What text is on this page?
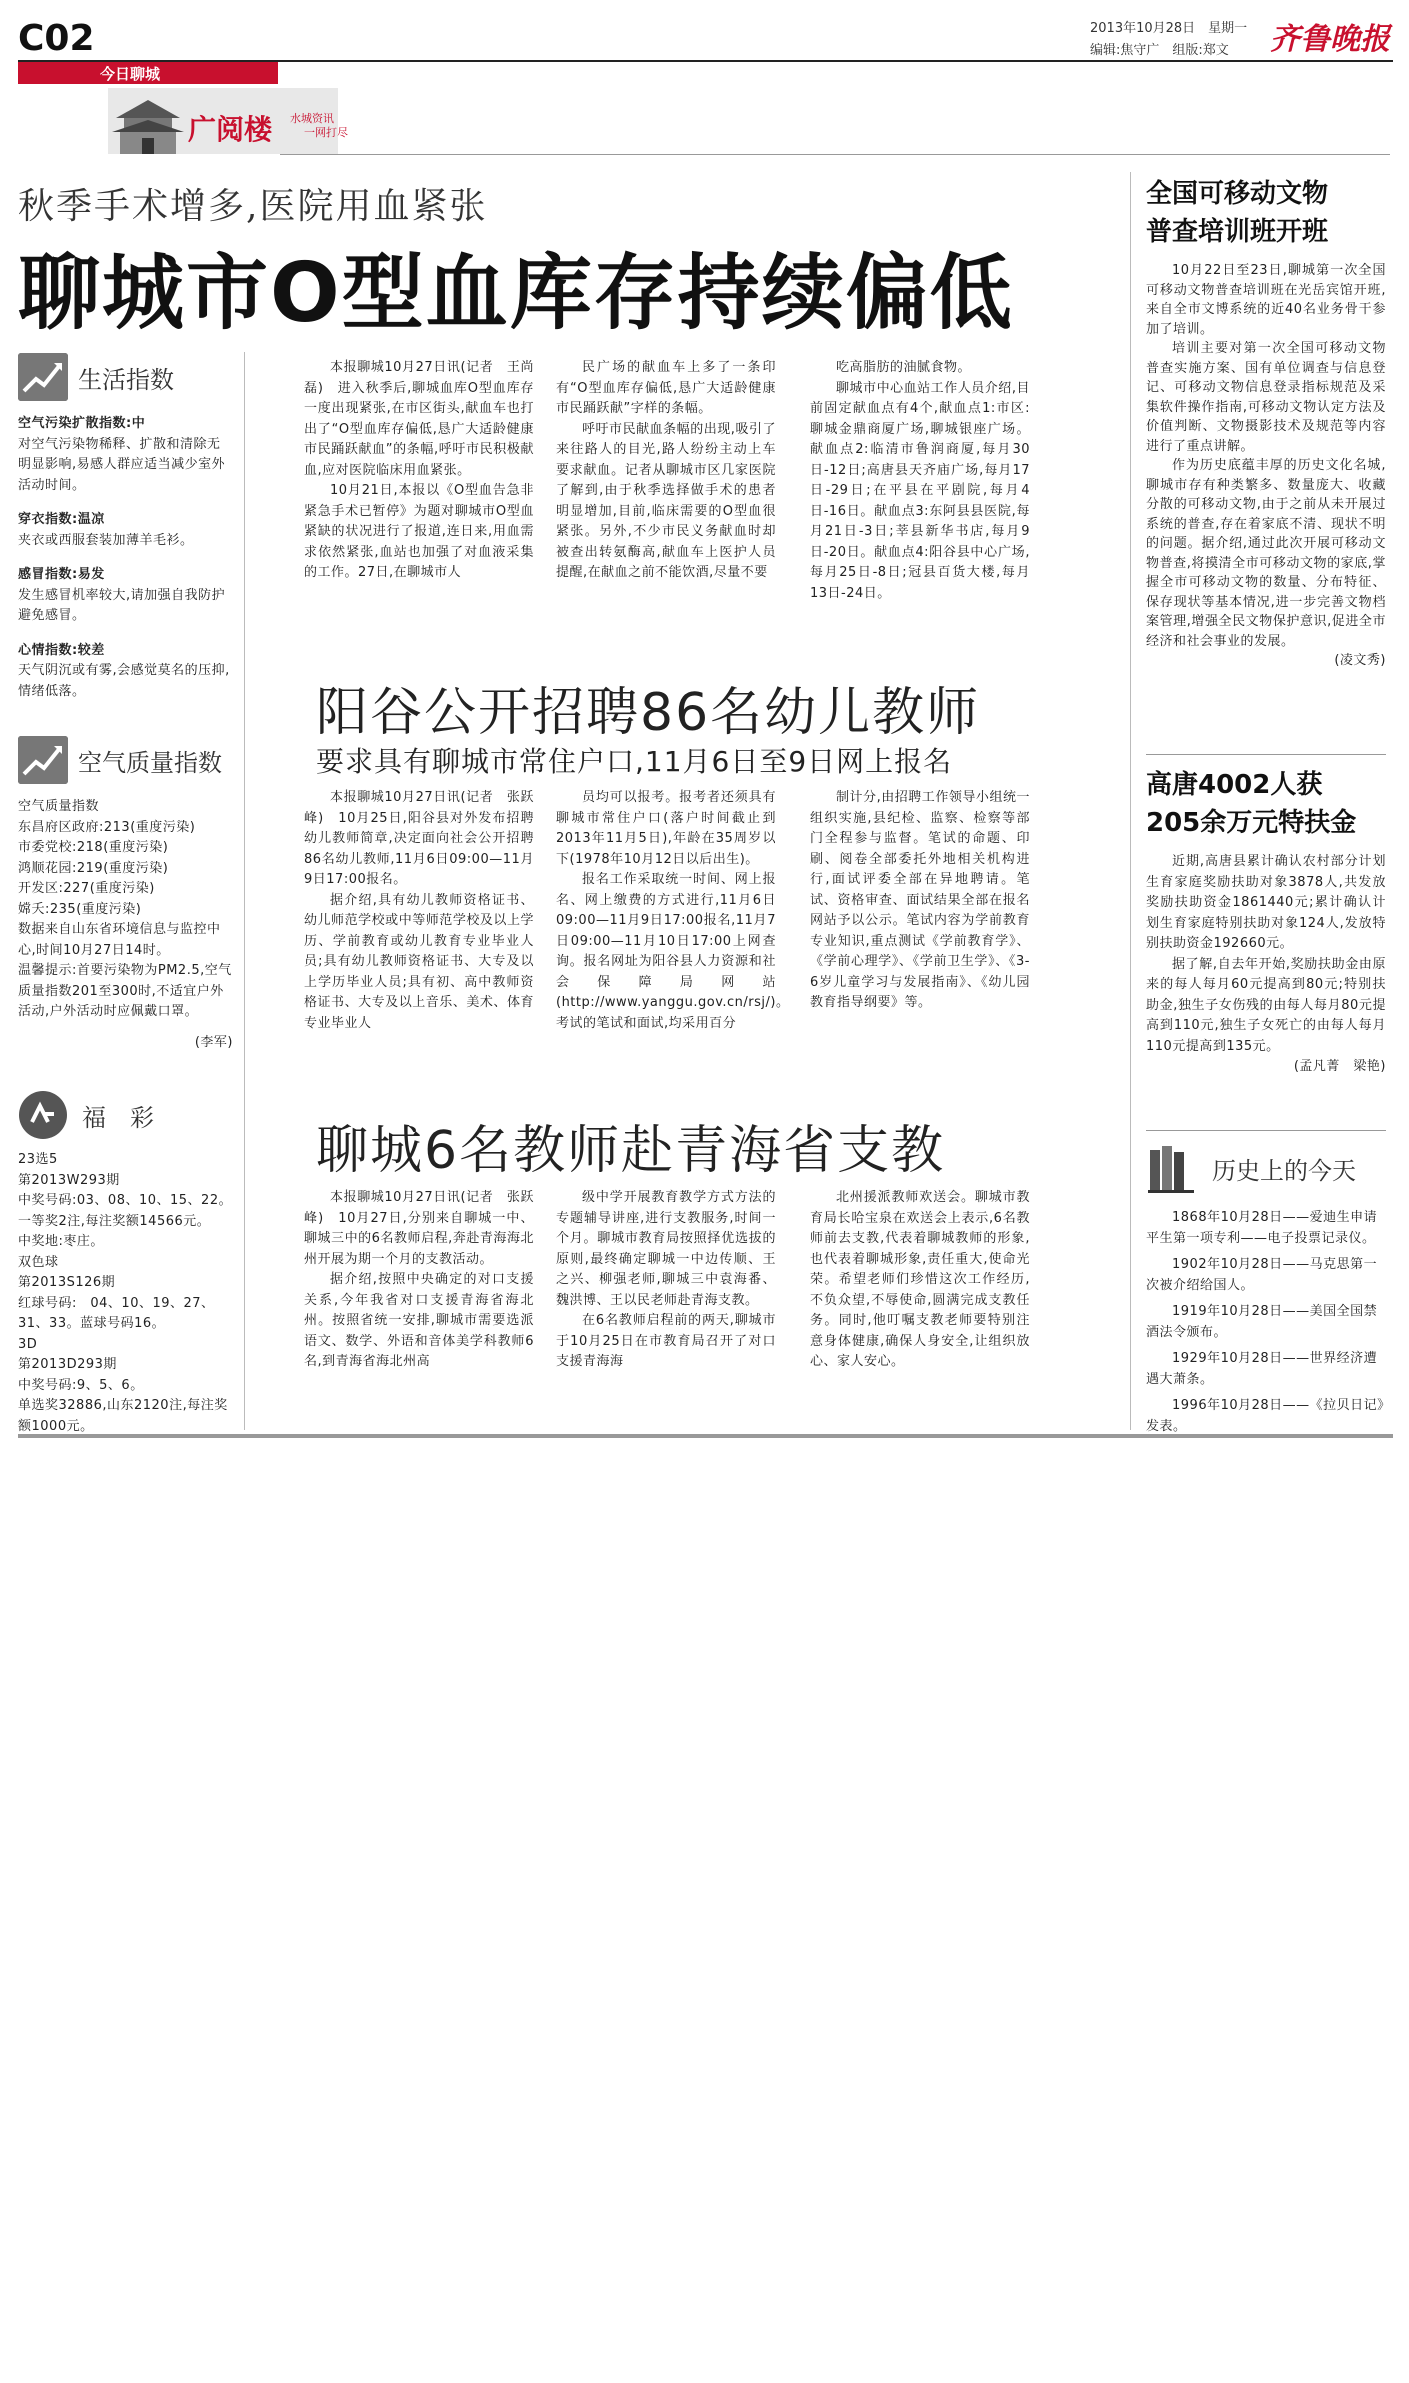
C02
今日聊城
2013年10月28日　星期一
编辑:焦守广　组版:郑文	齐鲁晚报
广阅楼 水城资讯
一网打尽
秋季手术增多,医院用血紧张
聊城市O型血库存持续偏低
生活指数
空气污染扩散指数:中
对空气污染物稀释、扩散和清除无明显影响,易感人群应适当减少室外活动时间。
穿衣指数:温凉
夹衣或西服套装加薄羊毛衫。
感冒指数:易发
发生感冒机率较大,请加强自我防护避免感冒。
心情指数:较差
天气阴沉或有雾,会感觉莫名的压抑,情绪低落。
空气质量指数
空气质量指数
东昌府区政府:213(重度污染)
市委党校:218(重度污染)
鸿顺花园:219(重度污染)
开发区:227(重度污染)
嫦夭:235(重度污染)
数据来自山东省环境信息与监控中心,时间10月27日14时。
温馨提示:首要污染物为PM2.5,空气质量指数201至300时,不适宜户外活动,户外活动时应佩戴口罩。
(李军)
福　彩
23选5
第2013W293期
中奖号码:03、08、10、15、22。
一等奖2注,每注奖额14566元。
中奖地:枣庄。
双色球
第2013S126期
红球号码:　04、10、19、27、31、33。蓝球号码16。
3D
第2013D293期
中奖号码:9、5、6。
单选奖32886,山东2120注,每注奖额1000元。

本报聊城10月27日讯(记者　王尚磊)　进入秋季后,聊城血库O型血库存一度出现紧张,在市区街头,献血车也打出了“O型血库存偏低,恳广大适龄健康市民踊跃献血”的条幅,呼吁市民积极献血,应对医院临床用血紧张。

10月21日,本报以《O型血告急非紧急手术已暂停》为题对聊城市O型血紧缺的状况进行了报道,连日来,用血需求依然紧张,血站也加强了对血液采集的工作。27日,在聊城市人

民广场的献血车上多了一条印有“O型血库存偏低,恳广大适龄健康市民踊跃献”字样的条幅。

呼吁市民献血条幅的出现,吸引了来往路人的目光,路人纷纷主动上车要求献血。记者从聊城市区几家医院了解到,由于秋季选择做手术的患者明显增加,目前,临床需要的O型血很紧张。另外,不少市民义务献血时却被查出转氨酶高,献血车上医护人员提醒,在献血之前不能饮酒,尽量不要

吃高脂肪的油腻食物。

聊城市中心血站工作人员介绍,目前固定献血点有4个,献血点1:市区:聊城金鼎商厦广场,聊城银座广场。献血点2:临清市鲁润商厦,每月30日-12日;高唐县天齐庙广场,每月17日-29日;在平县在平剧院,每月4日-16日。献血点3:东阿县县医院,每月21日-3日;莘县新华书店,每月9日-20日。献血点4:阳谷县中心广场,每月25日-8日;冠县百货大楼,每月13日-24日。

阳谷公开招聘86名幼儿教师
要求具有聊城市常住户口,11月6日至9日网上报名

本报聊城10月27日讯(记者　张跃峰)　10月25日,阳谷县对外发布招聘幼儿教师简章,决定面向社会公开招聘86名幼儿教师,11月6日09:00—11月9日17:00报名。

据介绍,具有幼儿教师资格证书、幼儿师范学校或中等师范学校及以上学历、学前教育或幼儿教育专业毕业人员;具有幼儿教师资格证书、大专及以上学历毕业人员;具有初、高中教师资格证书、大专及以上音乐、美术、体育专业毕业人

员均可以报考。报考者还须具有聊城市常住户口(落户时间截止到2013年11月5日),年龄在35周岁以下(1978年10月12日以后出生)。

报名工作采取统一时间、网上报名、网上缴费的方式进行,11月6日09:00—11月9日17:00报名,11月7日09:00—11月10日17:00上网查询。报名网址为阳谷县人力资源和社会保障局网站(http://www.yanggu.gov.cn/rsj/)。考试的笔试和面试,均采用百分

制计分,由招聘工作领导小组统一组织实施,县纪检、监察、检察等部门全程参与监督。笔试的命题、印刷、阅卷全部委托外地相关机构进行,面试评委全部在异地聘请。笔试、资格审查、面试结果全部在报名网站予以公示。笔试内容为学前教育专业知识,重点测试《学前教育学》、《学前心理学》、《学前卫生学》、《3-6岁儿童学习与发展指南》、《幼儿园教育指导纲要》等。

聊城6名教师赴青海省支教

本报聊城10月27日讯(记者　张跃峰)　10月27日,分别来自聊城一中、聊城三中的6名教师启程,奔赴青海海北州开展为期一个月的支教活动。

据介绍,按照中央确定的对口支援关系,今年我省对口支援青海省海北州。按照省统一安排,聊城市需要选派语文、数学、外语和音体美学科教师6名,到青海省海北州高

级中学开展教育教学方式方法的专题辅导讲座,进行支教服务,时间一个月。聊城市教育局按照择优选拔的原则,最终确定聊城一中边传顺、王之兴、柳强老师,聊城三中袁海番、魏洪博、王以民老师赴青海支教。

在6名教师启程前的两天,聊城市于10月25日在市教育局召开了对口支援青海海

北州援派教师欢送会。聊城市教育局长哈宝泉在欢送会上表示,6名教师前去支教,代表着聊城教师的形象,也代表着聊城形象,责任重大,使命光荣。希望老师们珍惜这次工作经历,不负众望,不辱使命,圆满完成支教任务。同时,他叮嘱支教老师要特别注意身体健康,确保人身安全,让组织放心、家人安心。

全国可移动文物
普查培训班开班

10月22日至23日,聊城第一次全国可移动文物普查培训班在光岳宾馆开班,来自全市文博系统的近40名业务骨干参加了培训。

培训主要对第一次全国可移动文物普查实施方案、国有单位调查与信息登记、可移动文物信息登录指标规范及采集软件操作指南,可移动文物认定方法及价值判断、文物摄影技术及规范等内容进行了重点讲解。

作为历史底蕴丰厚的历史文化名城,聊城市存有种类繁多、数量庞大、收藏分散的可移动文物,由于之前从未开展过系统的普查,存在着家底不清、现状不明的问题。据介绍,通过此次开展可移动文物普查,将摸清全市可移动文物的家底,掌握全市可移动文物的数量、分布特征、保存现状等基本情况,进一步完善文物档案管理,增强全民文物保护意识,促进全市经济和社会事业的发展。

(凌文秀)
高唐4002人获
205余万元特扶金

近期,高唐县累计确认农村部分计划生育家庭奖励扶助对象3878人,共发放奖励扶助资金1861440元;累计确认计划生育家庭特别扶助对象124人,发放特别扶助资金192660元。

据了解,自去年开始,奖励扶助金由原来的每人每月60元提高到80元;特别扶助金,独生子女伤残的由每人每月80元提高到110元,独生子女死亡的由每人每月110元提高到135元。

(孟凡菁　梁艳)
历史上的今天
1868年10月28日——爱迪生申请平生第一项专利——电子投票记录仪。
1902年10月28日——马克思第一次被介绍给国人。
1919年10月28日——美国全国禁酒法令颁布。
1929年10月28日——世界经济遭遇大萧条。
1996年10月28日——《拉贝日记》发表。
